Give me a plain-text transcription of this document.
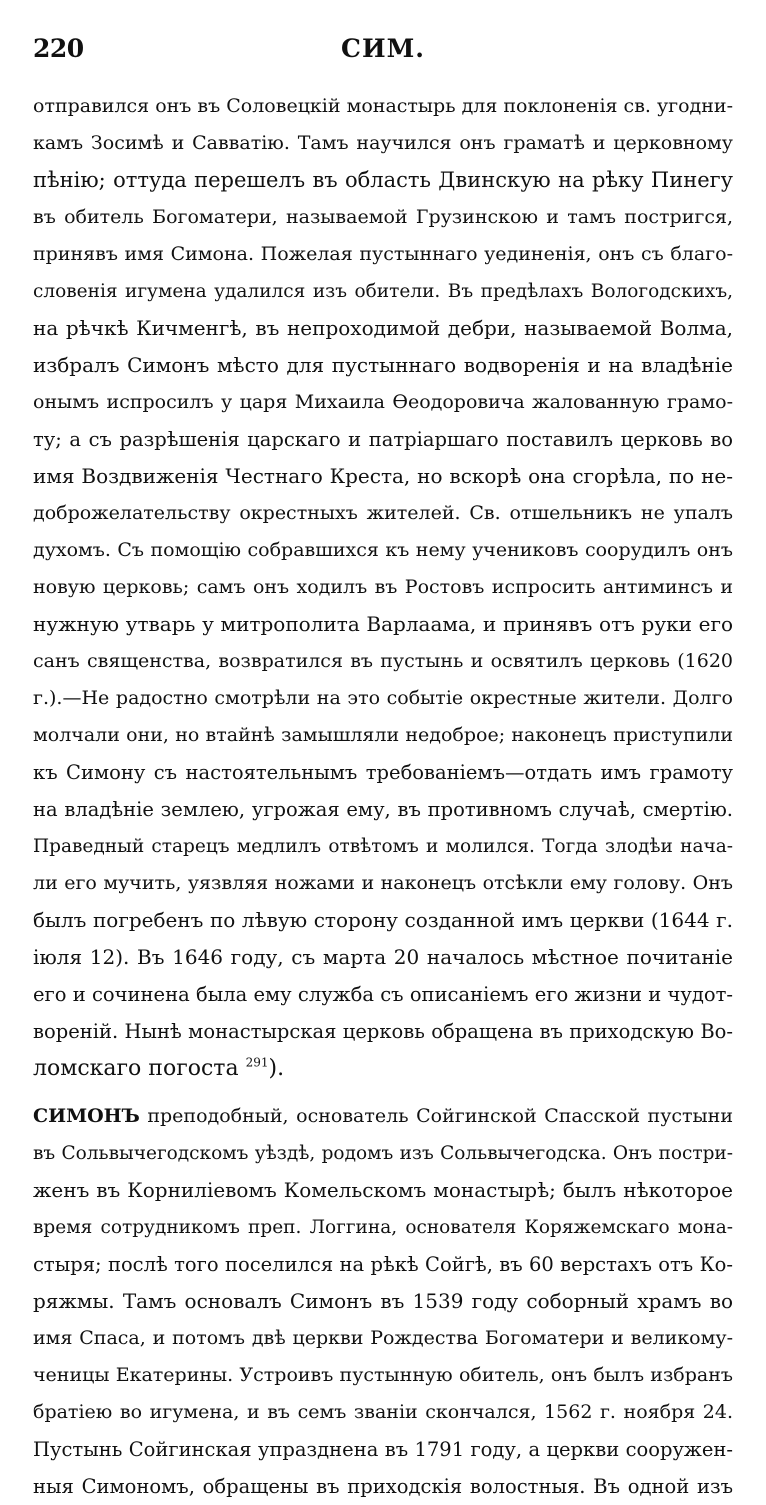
220	СИМ.
отправился онъ въ Соловецкій монастырь для поклоненія св. угодни-
камъ Зосимѣ и Савватію. Тамъ научился онъ граматѣ и церковному
пѣнію; оттуда перешелъ въ область Двинскую на рѣку Пинегу
въ обитель Богоматери, называемой Грузинскою и тамъ постригся,
принявъ имя Симона. Пожелая пустыннаго уединенія, онъ съ благо-
словенія игумена удалился изъ обители. Въ предѣлахъ Вологодскихъ,
на рѣчкѣ Кичменгѣ, въ непроходимой дебри, называемой Волма,
избралъ Симонъ мѣсто для пустыннаго водворенія и на владѣніе
онымъ испросилъ у царя Михаила Ѳеодоровича жалованную грамо-
ту; а съ разрѣшенія царскаго и патріаршаго поставилъ церковь во
имя Воздвиженія Честнаго Креста, но вскорѣ она сгорѣла, по не-
доброжелательству окрестныхъ жителей. Св. отшельникъ не упалъ
духомъ. Съ помощію собравшихся къ нему учениковъ соорудилъ онъ
новую церковь; самъ онъ ходилъ въ Ростовъ испросить антиминсъ и
нужную утварь у митрополита Варлаама, и принявъ отъ руки его
санъ священства, возвратился въ пустынь и освятилъ церковь (1620
г.).—Не радостно смотрѣли на это событіе окрестные жители. Долго
молчали они, но втайнѣ замышляли недоброе; наконецъ приступили
къ Симону съ настоятельнымъ требованіемъ—отдать имъ грамоту
на владѣніе землею, угрожая ему, въ противномъ случаѣ, смертію.
Праведный старецъ медлилъ отвѣтомъ и молился. Тогда злодѣи нача-
ли его мучить, уязвляя ножами и наконецъ отсѣкли ему голову. Онъ
былъ погребенъ по лѣвую сторону созданной имъ церкви (1644 г.
іюля 12). Въ 1646 году, съ марта 20 началось мѣстное почитаніе
его и сочинена была ему служба съ описаніемъ его жизни и чудот-
вореній. Нынѣ монастырская церковь обращена въ приходскую Во-
ломскаго погоста $^{291}$).
СИМОНЪ преподобный, основатель Сойгинской Спасской пустыни
въ Сольвычегодскомъ уѣздѣ, родомъ изъ Сольвычегодска. Онъ постри-
женъ въ Корниліевомъ Комельскомъ монастырѣ; былъ нѣкоторое
время сотрудникомъ преп. Логгина, основателя Коряжемскаго мона-
стыря; послѣ того поселился на рѣкѣ Сойгѣ, въ 60 верстахъ отъ Ко-
ряжмы. Тамъ основалъ Симонъ въ 1539 году соборный храмъ во
имя Спаса, и потомъ двѣ церкви Рождества Богоматери и великому-
ченицы Екатерины. Устроивъ пустынную обитель, онъ былъ избранъ
братіею во игумена, и въ семъ званіи скончался, 1562 г. ноября 24.
Пустынь Сойгинская упразднена въ 1791 году, а церкви сооружен-
ныя Симономъ, обращены въ приходскія волостныя. Въ одной изъ
